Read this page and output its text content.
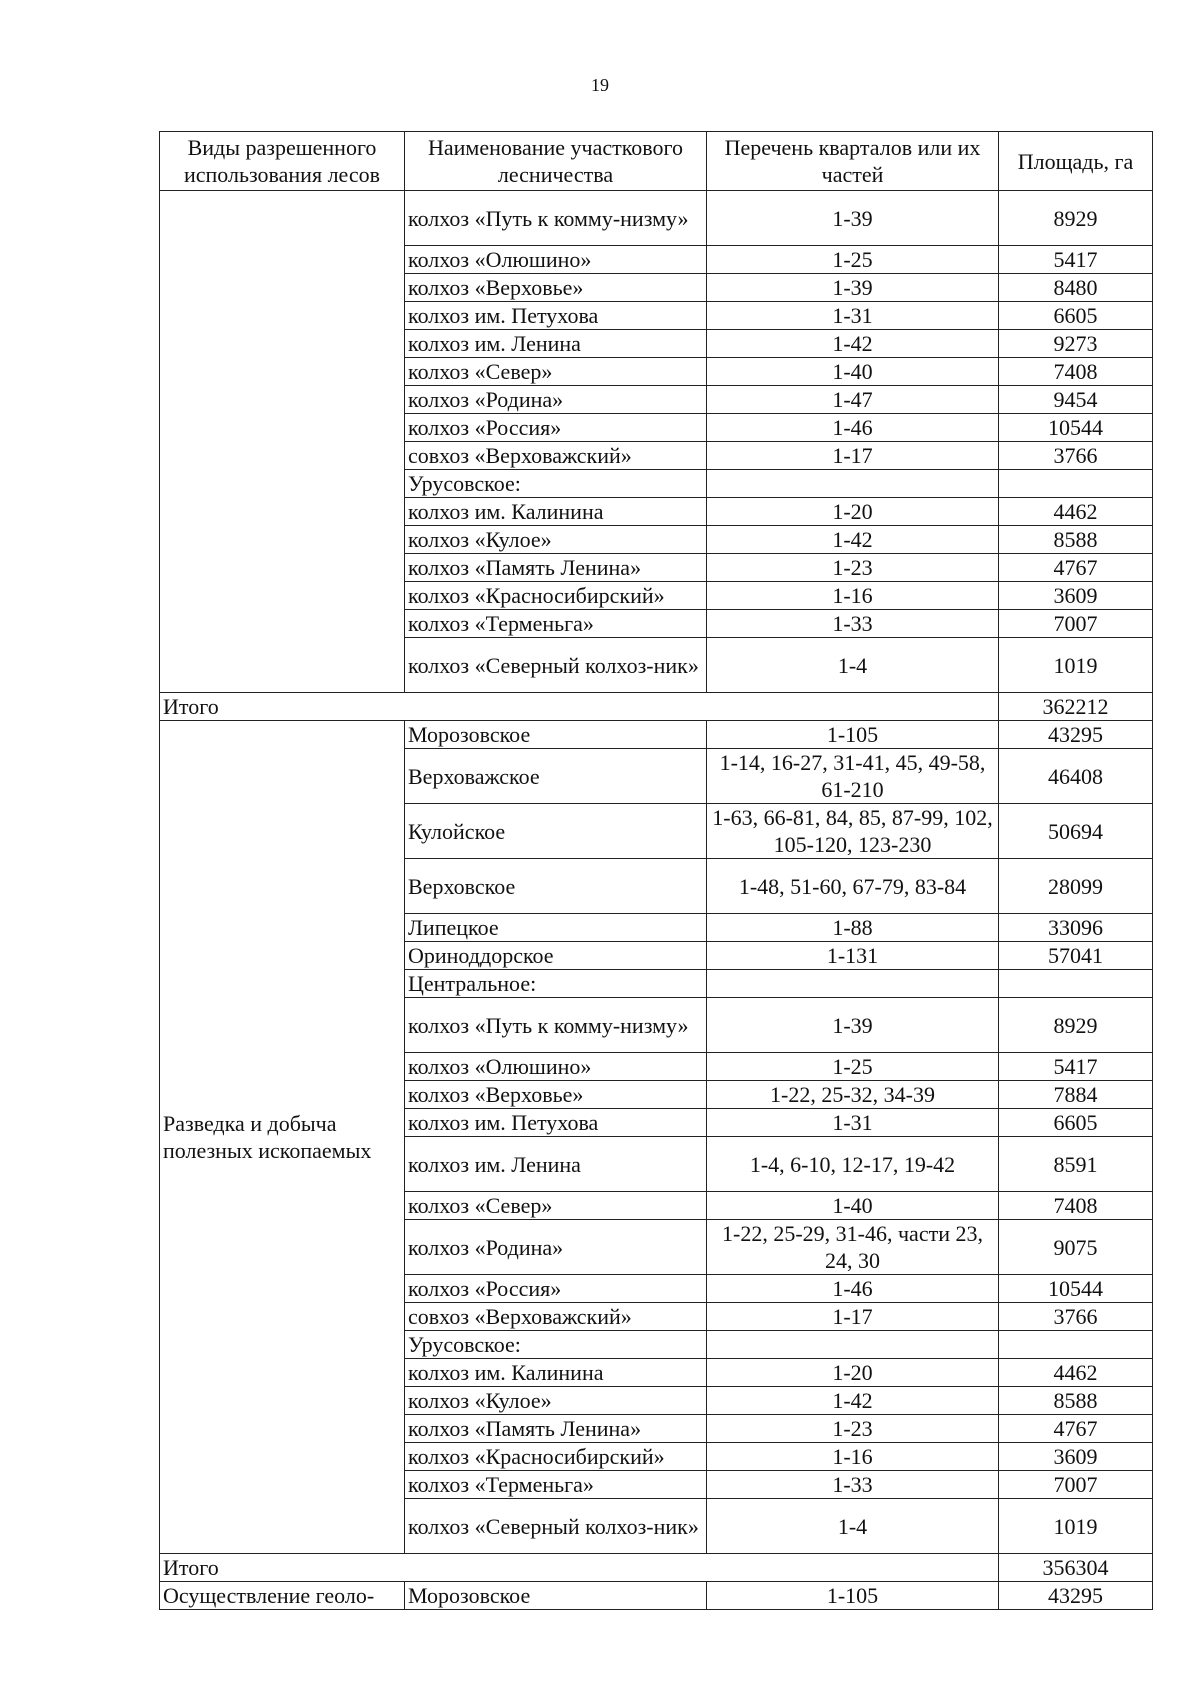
19
Виды разрешенного использования лесов	Наименование участкового лесничества	Перечень кварталов или их частей	Площадь, га
	колхоз «Путь к комму-низму»	1-39	8929
	колхоз «Олюшино»	1-25	5417
	колхоз «Верховье»	1-39	8480
	колхоз им. Петухова	1-31	6605
	колхоз им. Ленина	1-42	9273
	колхоз «Север»	1-40	7408
	колхоз «Родина»	1-47	9454
	колхоз «Россия»	1-46	10544
	совхоз «Верховажский»	1-17	3766
	Урусовское:		
	колхоз им. Калинина	1-20	4462
	колхоз «Кулое»	1-42	8588
	колхоз «Память Ленина»	1-23	4767
	колхоз «Красносибирский»	1-16	3609
	колхоз «Терменьга»	1-33	7007
	колхоз «Северный колхоз-ник»	1-4	1019
Итого			362212
Разведка и добыча полезных ископаемых	Морозовское	1-105	43295
	Верховажское	1-14, 16-27, 31-41, 45, 49-58, 61-210	46408
	Кулойское	1-63, 66-81, 84, 85, 87-99, 102, 105-120, 123-230	50694
	Верховское	1-48, 51-60, 67-79, 83-84	28099
	Липецкое	1-88	33096
	Ориноддорское	1-131	57041
	Центральное:		
	колхоз «Путь к комму-низму»	1-39	8929
	колхоз «Олюшино»	1-25	5417
	колхоз «Верховье»	1-22, 25-32, 34-39	7884
	колхоз им. Петухова	1-31	6605
	колхоз им. Ленина	1-4, 6-10, 12-17, 19-42	8591
	колхоз «Север»	1-40	7408
	колхоз «Родина»	1-22, 25-29, 31-46, части 23, 24, 30	9075
	колхоз «Россия»	1-46	10544
	совхоз «Верховажский»	1-17	3766
	Урусовское:		
	колхоз им. Калинина	1-20	4462
	колхоз «Кулое»	1-42	8588
	колхоз «Память Ленина»	1-23	4767
	колхоз «Красносибирский»	1-16	3609
	колхоз «Терменьга»	1-33	7007
	колхоз «Северный колхоз-ник»	1-4	1019
Итого			356304
Осуществление геоло-	Морозовское	1-105	43295
